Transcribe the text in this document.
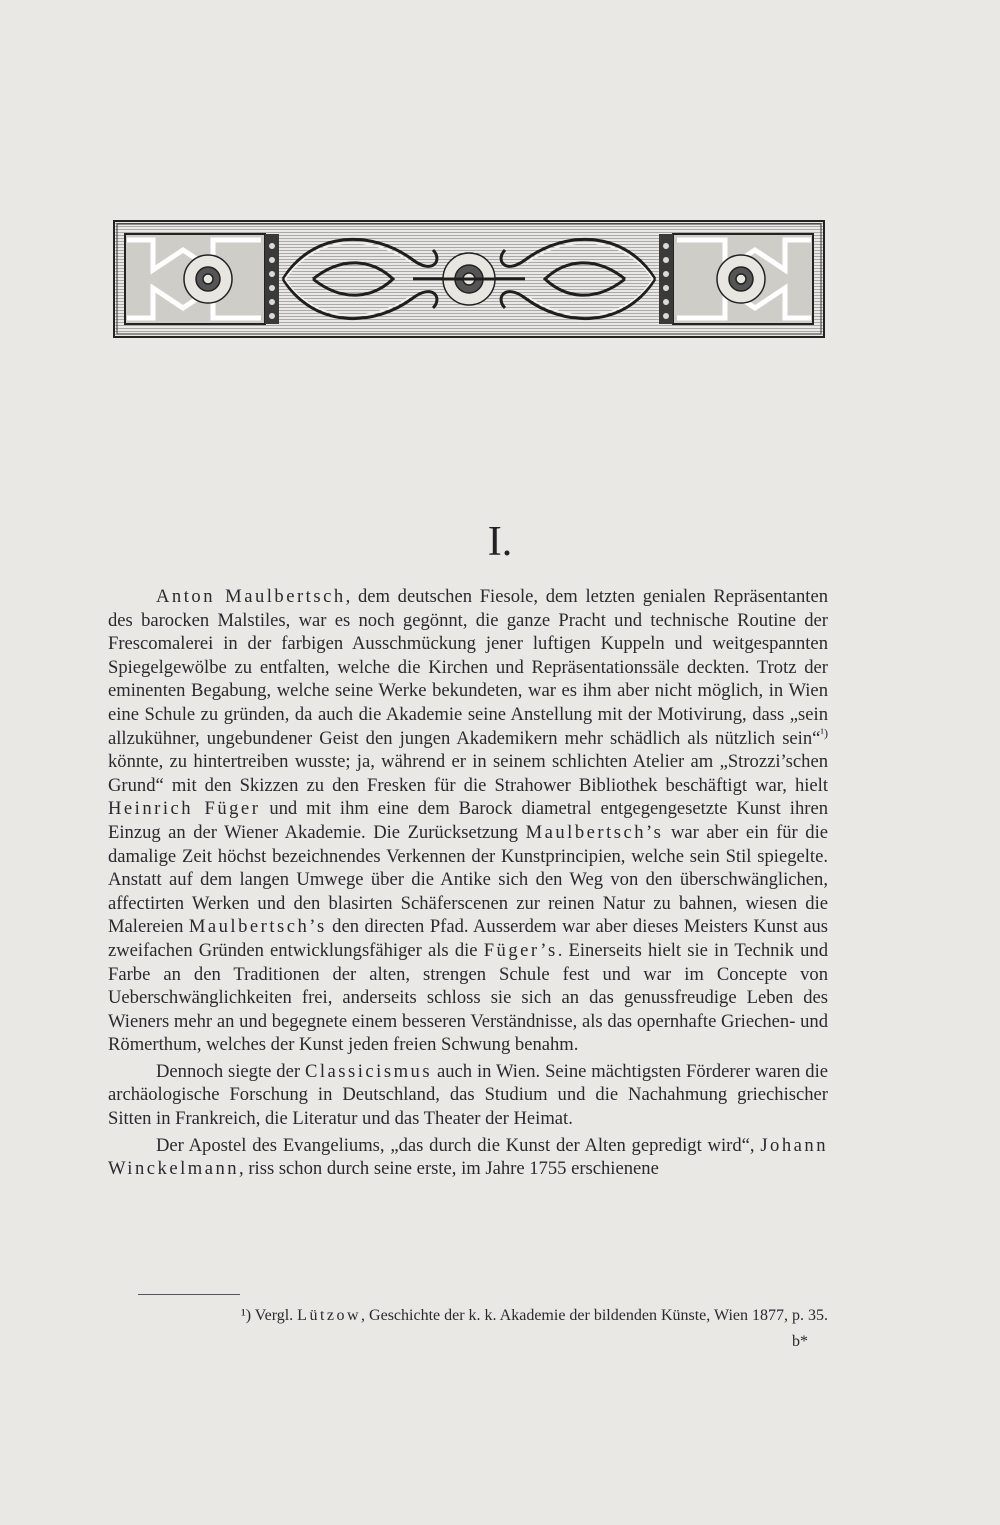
I.

Anton Maulbertsch, dem deutschen Fiesole, dem letzten genialen Repräsentanten des barocken Malstiles, war es noch gegönnt, die ganze Pracht und technische Routine der Frescomalerei in der farbigen Ausschmückung jener luftigen Kuppeln und weitgespannten Spiegelgewölbe zu entfalten, welche die Kirchen und Repräsentationssäle deckten. Trotz der eminenten Begabung, welche seine Werke bekundeten, war es ihm aber nicht möglich, in Wien eine Schule zu gründen, da auch die Akademie seine Anstellung mit der Motivirung, dass „sein allzukühner, ungebundener Geist den jungen Akademikern mehr schädlich als nützlich sein“$^{^1)}$ könnte, zu hintertreiben wusste; ja, während er in seinem schlichten Atelier am „Strozzi’schen Grund“ mit den Skizzen zu den Fresken für die Strahower Bibliothek beschäftigt war, hielt Heinrich Füger und mit ihm eine dem Barock diametral entgegengesetzte Kunst ihren Einzug an der Wiener Akademie. Die Zurücksetzung Maulbertsch’s war aber ein für die damalige Zeit höchst bezeichnendes Verkennen der Kunstprincipien, welche sein Stil spiegelte. Anstatt auf dem langen Umwege über die Antike sich den Weg von den überschwänglichen, affectirten Werken und den blasirten Schäferscenen zur reinen Natur zu bahnen, wiesen die Malereien Maulbertsch’s den directen Pfad. Ausserdem war aber dieses Meisters Kunst aus zweifachen Gründen entwicklungsfähiger als die Füger’s. Einerseits hielt sie in Technik und Farbe an den Traditionen der alten, strengen Schule fest und war im Concepte von Ueberschwänglichkeiten frei, anderseits schloss sie sich an das genussfreudige Leben des Wieners mehr an und begegnete einem besseren Verständnisse, als das opernhafte Griechen- und Römerthum, welches der Kunst jeden freien Schwung benahm.

Dennoch siegte der Classicismus auch in Wien. Seine mächtigsten Förderer waren die archäologische Forschung in Deutschland, das Studium und die Nachahmung griechischer Sitten in Frankreich, die Literatur und das Theater der Heimat.

Der Apostel des Evangeliums, „das durch die Kunst der Alten gepredigt wird“, Johann Winckelmann, riss schon durch seine erste, im Jahre 1755 erschienene

¹) Vergl. Lützow, Geschichte der k. k. Akademie der bildenden Künste, Wien 1877, p. 35.
b*
